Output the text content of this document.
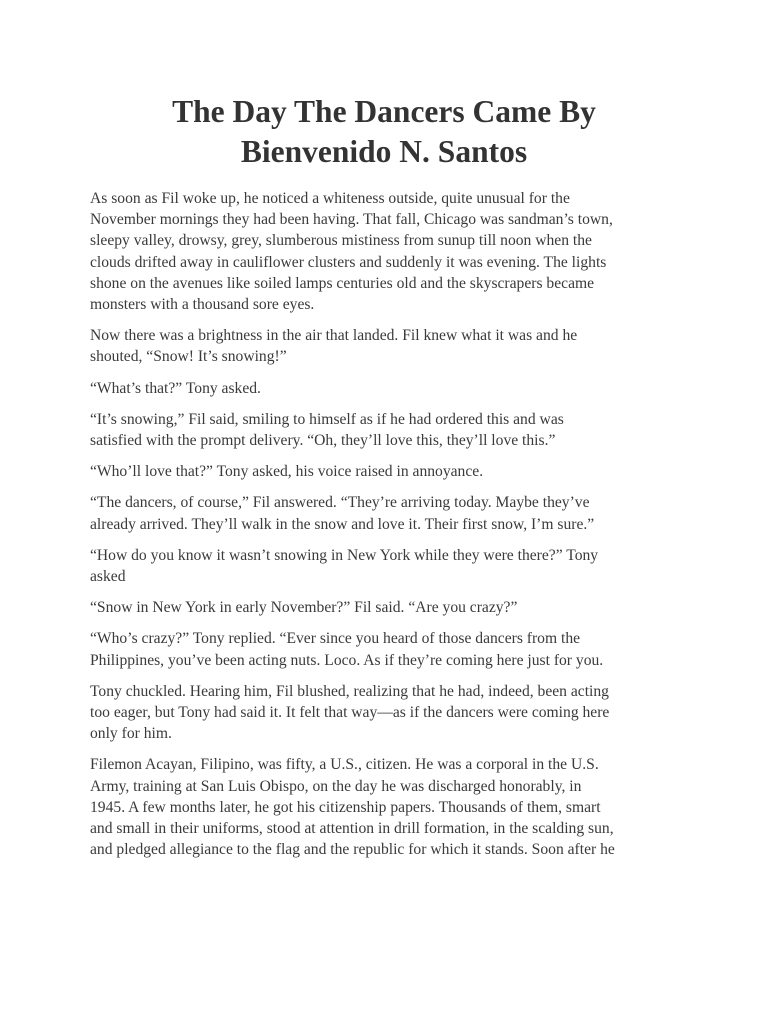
The Day The Dancers Came By
Bienvenido N. Santos

As soon as Fil woke up, he noticed a whiteness outside, quite unusual for the
November mornings they had been having. That fall, Chicago was sandman’s town,
sleepy valley, drowsy, grey, slumberous mistiness from sunup till noon when the
clouds drifted away in cauliflower clusters and suddenly it was evening. The lights
shone on the avenues like soiled lamps centuries old and the skyscrapers became
monsters with a thousand sore eyes.

Now there was a brightness in the air that landed. Fil knew what it was and he
shouted, “Snow! It’s snowing!”

“What’s that?” Tony asked.

“It’s snowing,” Fil said, smiling to himself as if he had ordered this and was
satisfied with the prompt delivery. “Oh, they’ll love this, they’ll love this.”

“Who’ll love that?” Tony asked, his voice raised in annoyance.

“The dancers, of course,” Fil answered. “They’re arriving today. Maybe they’ve
already arrived. They’ll walk in the snow and love it. Their first snow, I’m sure.”

“How do you know it wasn’t snowing in New York while they were there?” Tony
asked

“Snow in New York in early November?” Fil said. “Are you crazy?”

“Who’s crazy?” Tony replied. “Ever since you heard of those dancers from the
Philippines, you’ve been acting nuts. Loco. As if they’re coming here just for you.

Tony chuckled. Hearing him, Fil blushed, realizing that he had, indeed, been acting
too eager, but Tony had said it. It felt that way—as if the dancers were coming here
only for him.

Filemon Acayan, Filipino, was fifty, a U.S., citizen. He was a corporal in the U.S.
Army, training at San Luis Obispo, on the day he was discharged honorably, in
1945. A few months later, he got his citizenship papers. Thousands of them, smart
and small in their uniforms, stood at attention in drill formation, in the scalding sun,
and pledged allegiance to the flag and the republic for which it stands. Soon after he
